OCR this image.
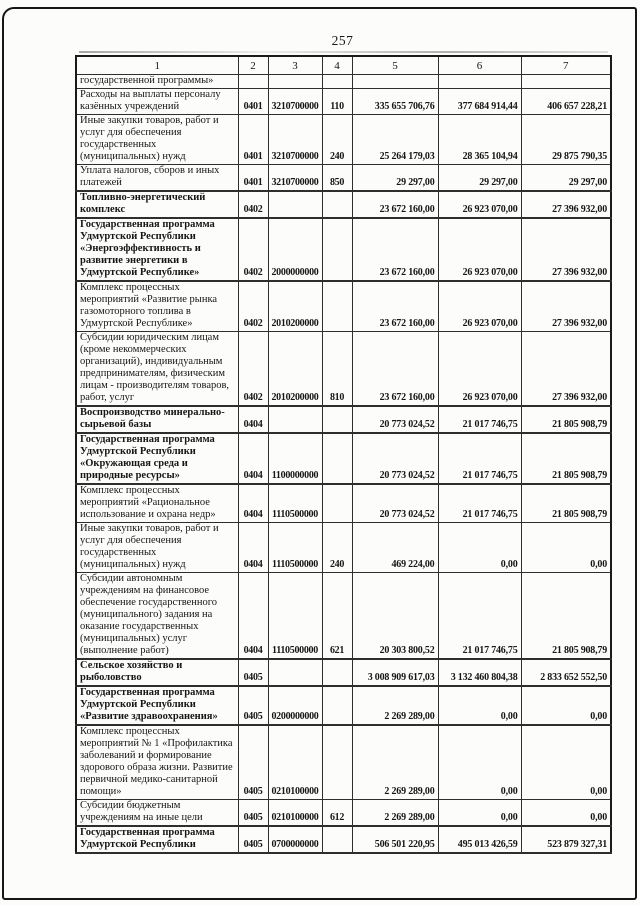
257
1	2	3	4	5	6	7
государственной программы»						
Расходы на выплаты персоналу казённых учреждений	0401	3210700000	110	335 655 706,76	377 684 914,44	406 657 228,21
Иные закупки товаров, работ и услуг для обеспечения государственных (муниципальных) нужд	0401	3210700000	240	25 264 179,03	28 365 104,94	29 875 790,35
Уплата налогов, сборов и иных платежей	0401	3210700000	850	29 297,00	29 297,00	29 297,00
Топливно-энергетический комплекс	0402			23 672 160,00	26 923 070,00	27 396 932,00
Государственная программа Удмуртской Республики «Энергоэффективность и развитие энергетики в Удмуртской Республике»	0402	2000000000		23 672 160,00	26 923 070,00	27 396 932,00
Комплекс процессных мероприятий «Развитие рынка газомоторного топлива в Удмуртской Республике»	0402	2010200000		23 672 160,00	26 923 070,00	27 396 932,00
Субсидии юридическим лицам (кроме некоммерческих организаций), индивидуальным предпринимателям, физическим лицам - производителям товаров, работ, услуг	0402	2010200000	810	23 672 160,00	26 923 070,00	27 396 932,00
Воспроизводство минерально-сырьевой базы	0404			20 773 024,52	21 017 746,75	21 805 908,79
Государственная программа Удмуртской Республики «Окружающая среда и природные ресурсы»	0404	1100000000		20 773 024,52	21 017 746,75	21 805 908,79
Комплекс процессных мероприятий «Рациональное использование и охрана недр»	0404	1110500000		20 773 024,52	21 017 746,75	21 805 908,79
Иные закупки товаров, работ и услуг для обеспечения государственных (муниципальных) нужд	0404	1110500000	240	469 224,00	0,00	0,00
Субсидии автономным учреждениям на финансовое обеспечение государственного (муниципального) задания на оказание государственных (муниципальных) услуг (выполнение работ)	0404	1110500000	621	20 303 800,52	21 017 746,75	21 805 908,79
Сельское хозяйство и рыболовство	0405			3 008 909 617,03	3 132 460 804,38	2 833 652 552,50
Государственная программа Удмуртской Республики «Развитие здравоохранения»	0405	0200000000		2 269 289,00	0,00	0,00
Комплекс процессных мероприятий № 1 «Профилактика заболеваний и формирование здорового образа жизни. Развитие первичной медико-санитарной помощи»	0405	0210100000		2 269 289,00	0,00	0,00
Субсидии бюджетным учреждениям на иные цели	0405	0210100000	612	2 269 289,00	0,00	0,00
Государственная программа Удмуртской Республики	0405	0700000000		506 501 220,95	495 013 426,59	523 879 327,31
